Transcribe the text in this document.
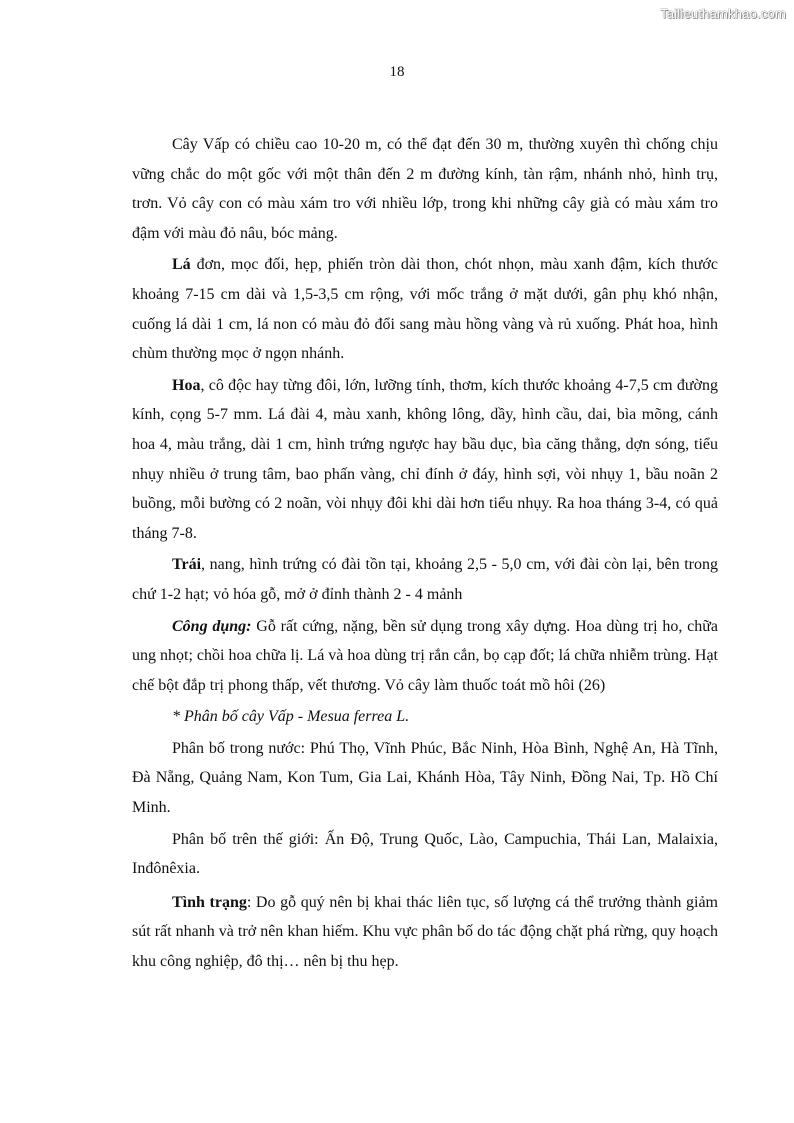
Tailieuthamkhao.com
18

Cây Vấp có chiều cao 10-20 m, có thể đạt đến 30 m, thường xuyên thì chống chịu vững chắc do một gốc với một thân đến 2 m đường kính, tàn rậm, nhánh nhỏ, hình trụ, trơn. Vỏ cây con có màu xám tro với nhiều lớp, trong khi những cây già có màu xám tro đậm với màu đỏ nâu, bóc mảng.

Lá đơn, mọc đối, hẹp, phiến tròn dài thon, chót nhọn, màu xanh đậm, kích thước khoảng 7-15 cm dài và 1,5-3,5 cm rộng, với mốc trắng ở mặt dưới, gân phụ khó nhận, cuống lá dài 1 cm, lá non có màu đỏ đổi sang màu hồng vàng và rủ xuống. Phát hoa, hình chùm thường mọc ở ngọn nhánh.

Hoa, cô độc hay từng đôi, lớn, lưỡng tính, thơm, kích thước khoảng 4-7,5 cm đường kính, cọng 5-7 mm. Lá đài 4, màu xanh, không lông, dầy, hình cầu, dai, bìa mõng, cánh hoa 4, màu trắng, dài 1 cm, hình trứng ngược hay bầu dục, bìa căng thẳng, dợn sóng, tiểu nhụy nhiều ở trung tâm, bao phấn vàng, chỉ đính ở đáy, hình sợi, vòi nhụy 1, bầu noãn 2 buồng, mỗi bường có 2 noãn, vòi nhụy đôi khi dài hơn tiểu nhụy. Ra hoa tháng 3-4, có quả tháng 7-8.

Trái, nang, hình trứng có đài tồn tại, khoảng 2,5 - 5,0 cm, với đài còn lại, bên trong chứ 1-2 hạt; vỏ hóa gỗ, mở ở đỉnh thành 2 - 4 mảnh

Công dụng: Gỗ rất cứng, nặng, bền sử dụng trong xây dựng. Hoa dùng trị ho, chữa ung nhọt; chồi hoa chữa lị. Lá và hoa dùng trị rắn cắn, bọ cạp đốt; lá chữa nhiễm trùng. Hạt chế bột đắp trị phong thấp, vết thương. Vỏ cây làm thuốc toát mồ hôi (26)

* Phân bố cây Vấp - Mesua ferrea L.

Phân bố trong nước: Phú Thọ, Vĩnh Phúc, Bắc Ninh, Hòa Bình, Nghệ An, Hà Tĩnh, Đà Nẵng, Quảng Nam, Kon Tum, Gia Lai, Khánh Hòa, Tây Ninh, Đồng Nai, Tp. Hồ Chí Minh.

Phân bố trên thế giới: Ấn Độ, Trung Quốc, Lào, Campuchia, Thái Lan, Malaixia, Inđônêxia.

Tình trạng: Do gỗ quý nên bị khai thác liên tục, số lượng cá thể trưởng thành giảm sút rất nhanh và trở nên khan hiếm. Khu vực phân bố do tác động chặt phá rừng, quy hoạch khu công nghiệp, đô thị… nên bị thu hẹp.
